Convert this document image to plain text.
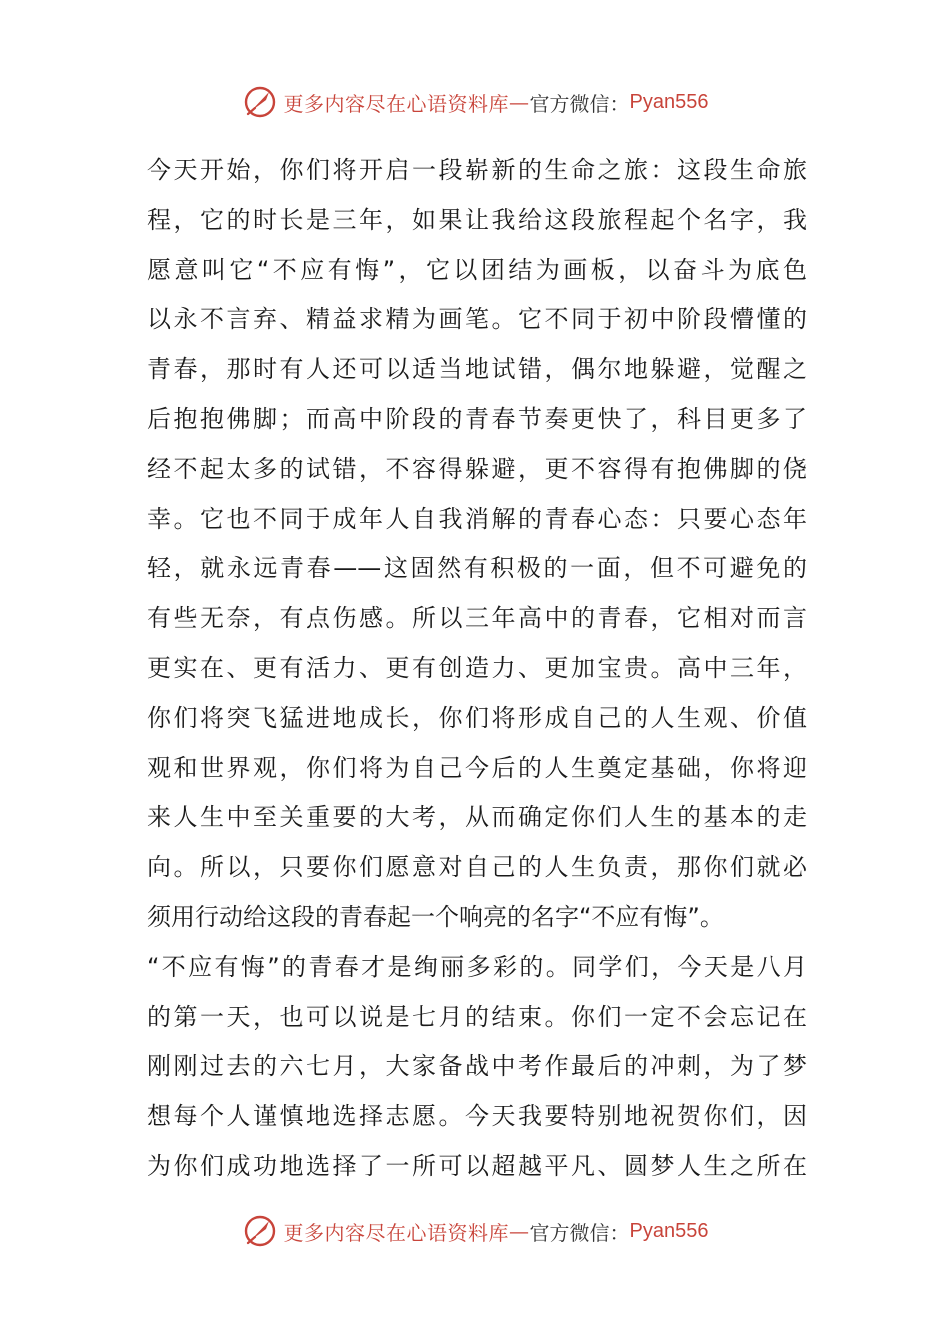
更多内容尽在心语资料库 — 官方微信： Pyan556
今天开始，你们将开启一段崭新的生命之旅：这段生命旅
程，它的时长是三年，如果让我给这段旅程起个名字，我
愿意叫它“不应有悔”，它以团结为画板，以奋斗为底色
以永不言弃、精益求精为画笔。它不同于初中阶段懵懂的
青春，那时有人还可以适当地试错，偶尔地躲避，觉醒之
后抱抱佛脚；而高中阶段的青春节奏更快了，科目更多了
经不起太多的试错，不容得躲避，更不容得有抱佛脚的侥
幸。它也不同于成年人自我消解的青春心态：只要心态年
轻，就永远青春——这固然有积极的一面，但不可避免的
有些无奈，有点伤感。所以三年高中的青春，它相对而言
更实在、更有活力、更有创造力、更加宝贵。高中三年，
你们将突飞猛进地成长，你们将形成自己的人生观、价值
观和世界观，你们将为自己今后的人生奠定基础，你将迎
来人生中至关重要的大考，从而确定你们人生的基本的走
向。所以，只要你们愿意对自己的人生负责，那你们就必
须用行动给这段的青春起一个响亮的名字“不应有悔”。
“不应有悔”的青春才是绚丽多彩的。同学们，今天是八月
的第一天，也可以说是七月的结束。你们一定不会忘记在
刚刚过去的六七月，大家备战中考作最后的冲刺，为了梦
想每个人谨慎地选择志愿。今天我要特别地祝贺你们，因
为你们成功地选择了一所可以超越平凡、圆梦人生之所在
更多内容尽在心语资料库 — 官方微信： Pyan556
